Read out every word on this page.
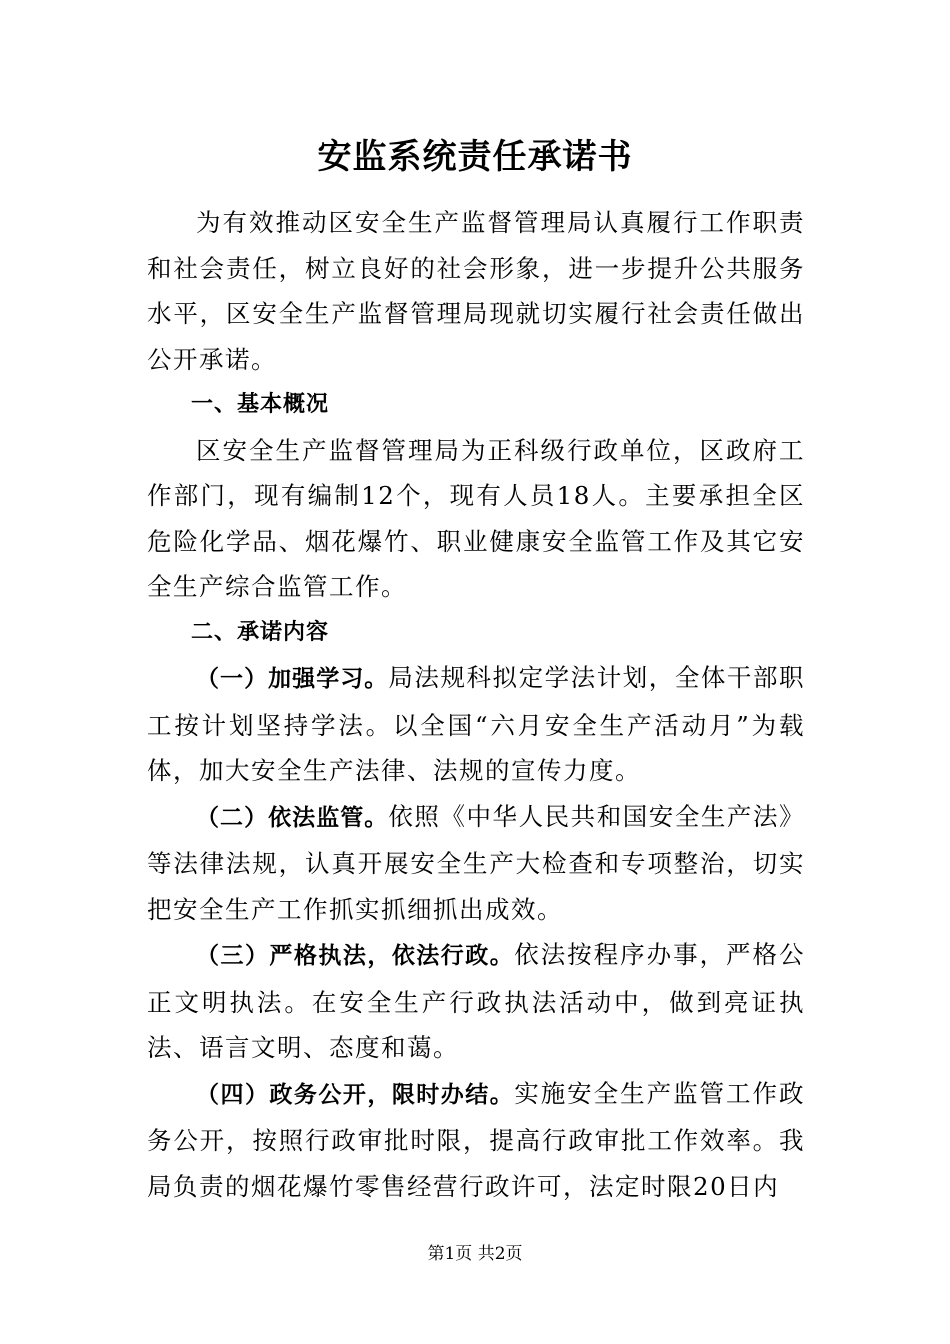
安监系统责任承诺书

为有效推动区安全生产监督管理局认真履行工作职责和社会责任，树立良好的社会形象，进一步提升公共服务水平，区安全生产监督管理局现就切实履行社会责任做出公开承诺。

一、基本概况

区安全生产监督管理局为正科级行政单位，区政府工作部门，现有编制12个，现有人员18人。主要承担全区危险化学品、烟花爆竹、职业健康安全监管工作及其它安全生产综合监管工作。

二、承诺内容

（一）加强学习。局法规科拟定学法计划，全体干部职工按计划坚持学法。以全国“六月安全生产活动月”为载体，加大安全生产法律、法规的宣传力度。

（二）依法监管。依照《中华人民共和国安全生产法》等法律法规，认真开展安全生产大检查和专项整治，切实把安全生产工作抓实抓细抓出成效。

（三）严格执法，依法行政。依法按程序办事，严格公正文明执法。在安全生产行政执法活动中，做到亮证执法、语言文明、态度和蔼。

（四）政务公开，限时办结。实施安全生产监管工作政务公开，按照行政审批时限，提高行政审批工作效率。我局负责的烟花爆竹零售经营行政许可，法定时限20日内

第1页 共2页
